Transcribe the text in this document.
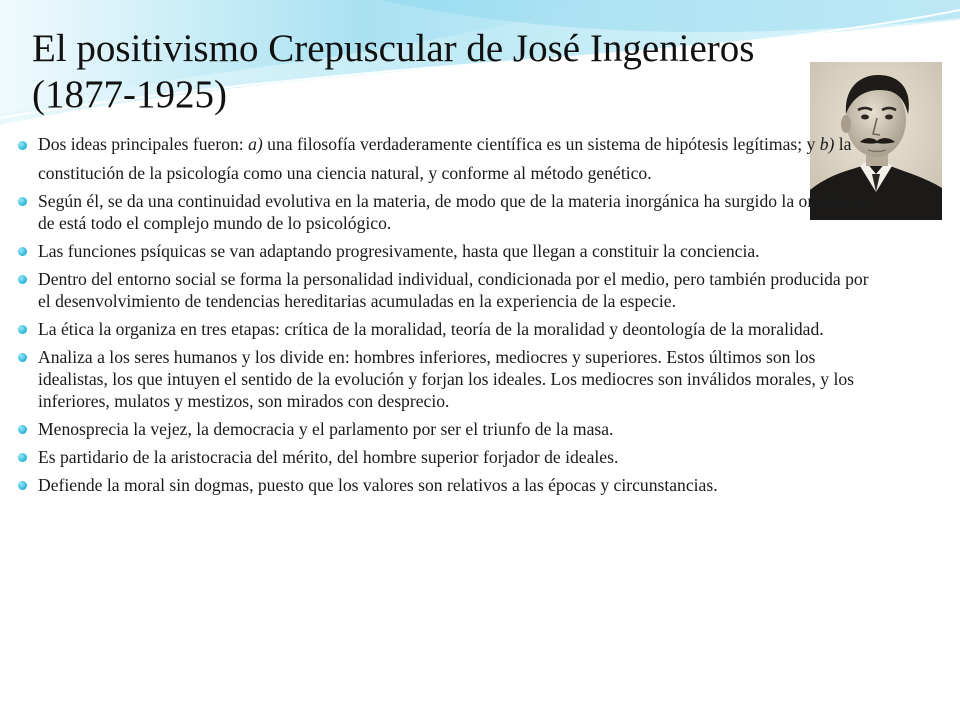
El positivismo Crepuscular de José Ingenieros (1877-1925)
Dos ideas principales fueron: a) una filosofía verdaderamente científica es un sistema de hipótesis legítimas; y b) la constitución de la psicología como una ciencia natural, y conforme al método genético.
Según él, se da una continuidad evolutiva en la materia, de modo que de la materia inorgánica ha surgido la orgánica, y de está todo el complejo mundo de lo psicológico.
Las funciones psíquicas se van adaptando progresivamente, hasta que llegan a constituir la conciencia.
Dentro del entorno social se forma la personalidad individual, condicionada por el medio, pero también producida por el desenvolvimiento de tendencias hereditarias acumuladas en la experiencia de la especie.
La ética la organiza en tres etapas: crítica de la moralidad, teoría de la moralidad y deontología de la moralidad.
Analiza a los seres humanos y los divide en: hombres inferiores, mediocres y superiores. Estos últimos son los idealistas, los que intuyen el sentido de la evolución y forjan los ideales. Los mediocres son inválidos morales, y los inferiores, mulatos y mestizos, son mirados con desprecio.
Menosprecia la vejez, la democracia y el parlamento por ser el triunfo de la masa.
Es partidario de la aristocracia del mérito, del hombre superior forjador de ideales.
Defiende la moral sin dogmas, puesto que los valores son relativos a las épocas y circunstancias.
